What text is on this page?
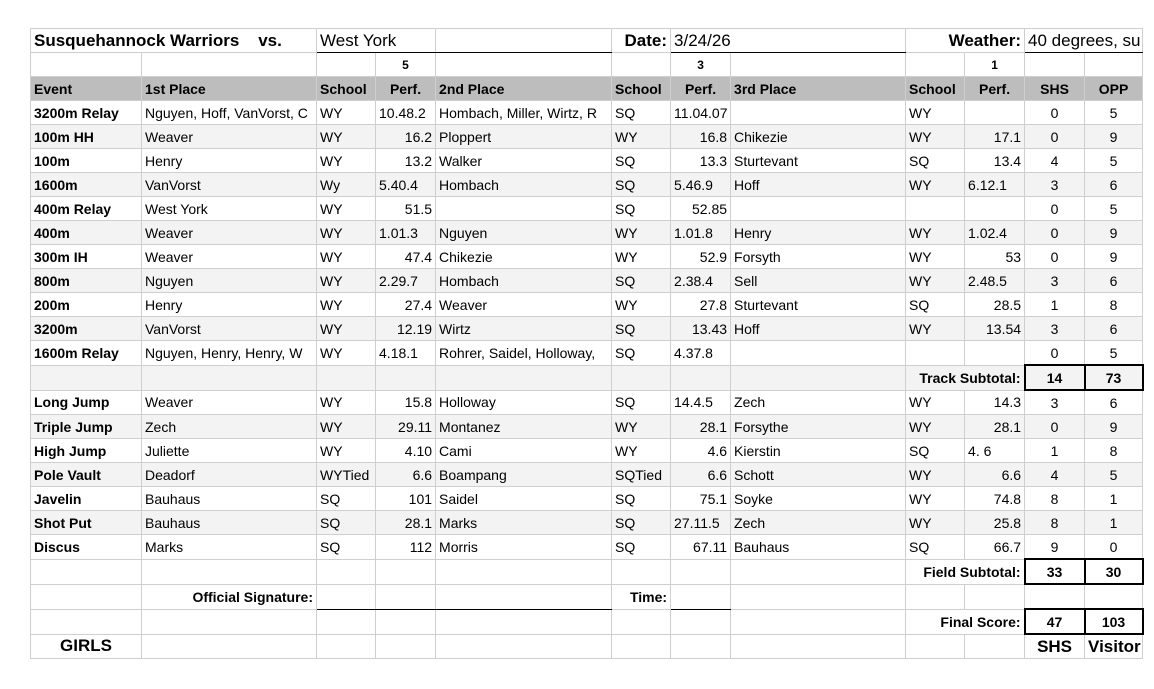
Susquehannock Warriors vs.		West York			Date:	3/24/26		Weather:		40 degrees, su	
			5			3			1		
Event	1st Place	School	Perf.	2nd Place	School	Perf.	3rd Place	School	Perf.	SHS	OPP
3200m Relay	Nguyen, Hoff, VanVorst, C	WY	10.48.2	Hombach, Miller, Wirtz, R	SQ	11.04.07		WY		0	5
100m HH	Weaver	WY	16.2	Ploppert	WY	16.8	Chikezie	WY	17.1	0	9
100m	Henry	WY	13.2	Walker	SQ	13.3	Sturtevant	SQ	13.4	4	5
1600m	VanVorst	Wy	5.40.4	Hombach	SQ	5.46.9	Hoff	WY	6.12.1	3	6
400m Relay	West York	WY	51.5		SQ	52.85				0	5
400m	Weaver	WY	1.01.3	Nguyen	WY	1.01.8	Henry	WY	1.02.4	0	9
300m IH	Weaver	WY	47.4	Chikezie	WY	52.9	Forsyth	WY	53	0	9
800m	Nguyen	WY	2.29.7	Hombach	SQ	2.38.4	Sell	WY	2.48.5	3	6
200m	Henry	WY	27.4	Weaver	WY	27.8	Sturtevant	SQ	28.5	1	8
3200m	VanVorst	WY	12.19	Wirtz	SQ	13.43	Hoff	WY	13.54	3	6
1600m Relay	Nguyen, Henry, Henry, W	WY	4.18.1	Rohrer, Saidel, Holloway,	SQ	4.37.8				0	5
								Track Subtotal:		14	73
Long Jump	Weaver	WY	15.8	Holloway	SQ	14.4.5	Zech	WY	14.3	3	6
Triple Jump	Zech	WY	29.11	Montanez	WY	28.1	Forsythe	WY	28.1	0	9
High Jump	Juliette	WY	4.10	Cami	WY	4.6	Kierstin	SQ	4. 6	1	8
Pole Vault	Deadorf	WYTied	6.6	Boampang	SQTied	6.6	Schott	WY	6.6	4	5
Javelin	Bauhaus	SQ	101	Saidel	SQ	75.1	Soyke	WY	74.8	8	1
Shot Put	Bauhaus	SQ	28.1	Marks	SQ	27.11.5	Zech	WY	25.8	8	1
Discus	Marks	SQ	112	Morris	SQ	67.11	Bauhaus	SQ	66.7	9	0
								Field Subtotal:		33	30
	Official Signature:				Time:						
								Final Score:		47	103
GIRLS										SHS	Visitor
